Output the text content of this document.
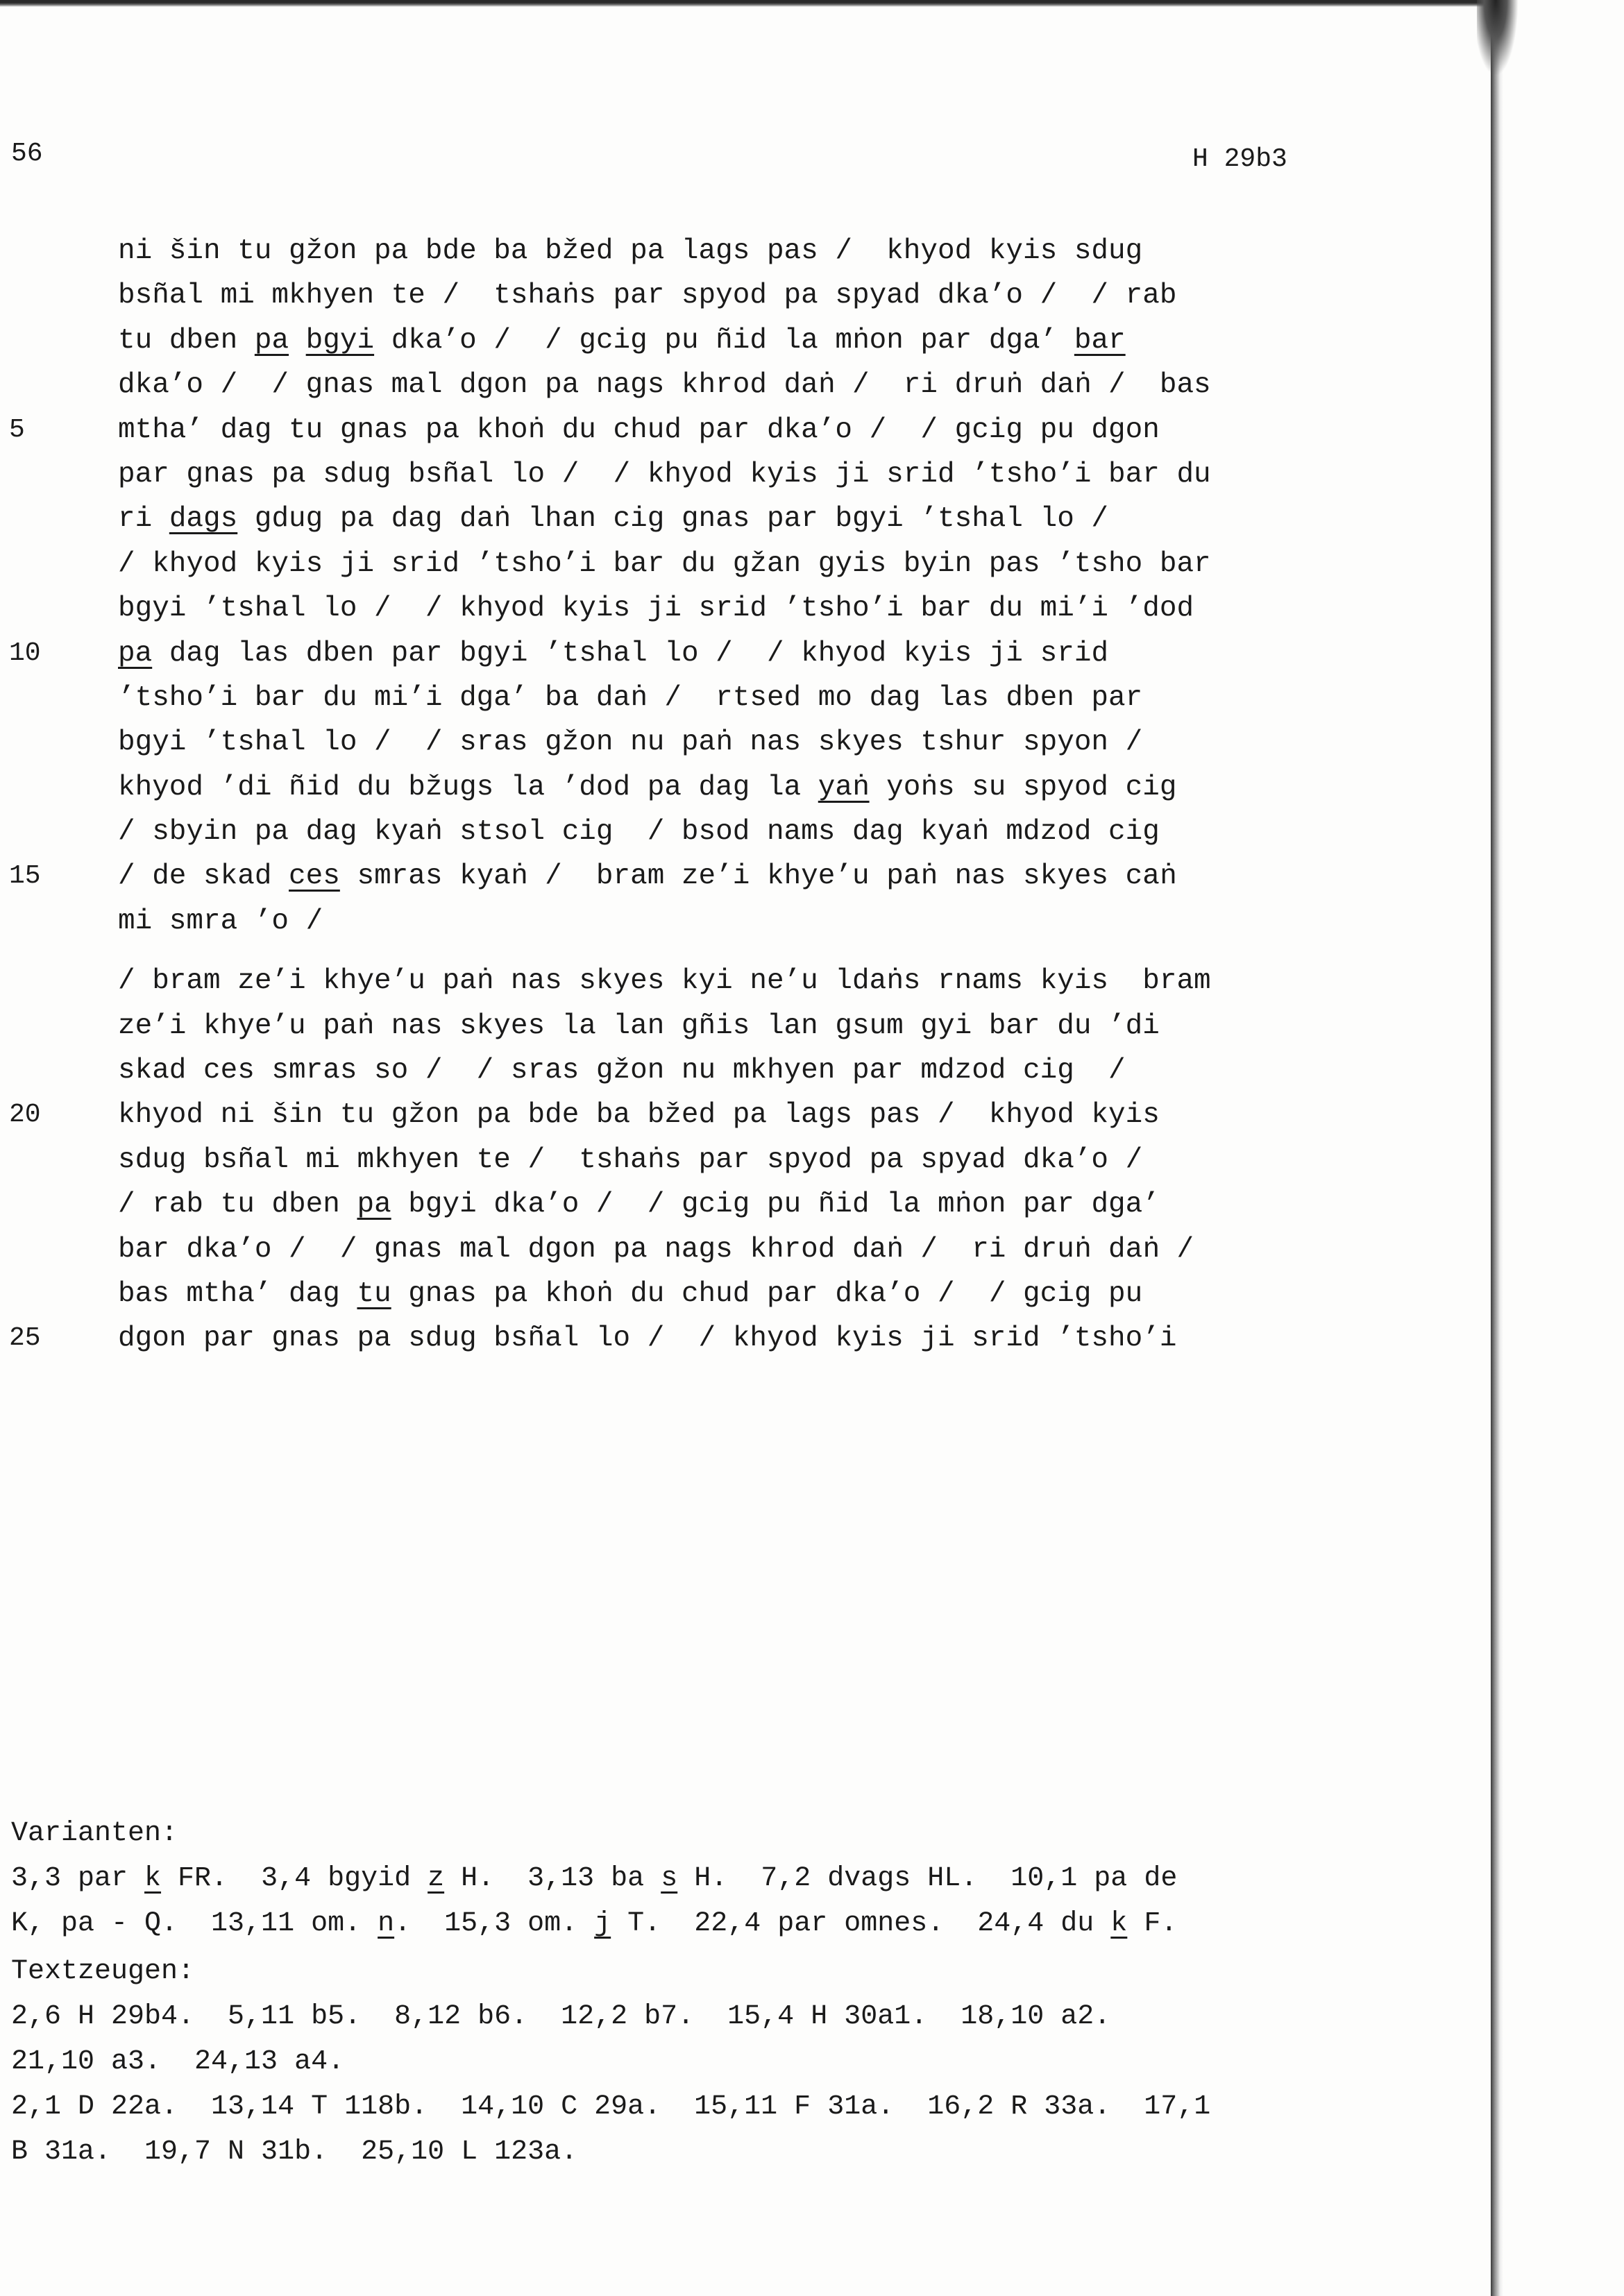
56	H 29b3
ni šin tu gžon pa bde ba bžed pa lags pas /  khyod kyis sdug
bsñal mi mkhyen te /  tshaṅs par spyod pa spyad dka’o /  / rab
tu dben pa bgyi dka’o /  / gcig pu ñid la mṅon par dga’ bar
dka’o /  / gnas mal dgon pa nags khrod daṅ /  ri druṅ daṅ /  bas
5	mtha’ dag tu gnas pa khoṅ du chud par dka’o /  / gcig pu dgon
par gnas pa sdug bsñal lo /  / khyod kyis ji srid ’tsho’i bar du
ri dags gdug pa dag daṅ lhan cig gnas par bgyi ’tshal lo /
/ khyod kyis ji srid ’tsho’i bar du gžan gyis byin pas ’tsho bar
bgyi ’tshal lo /  / khyod kyis ji srid ’tsho’i bar du mi’i ’dod
10	pa dag las dben par bgyi ’tshal lo /  / khyod kyis ji srid
’tsho’i bar du mi’i dga’ ba daṅ /  rtsed mo dag las dben par
bgyi ’tshal lo /  / sras gžon nu paṅ nas skyes tshur spyon /
khyod ’di ñid du bžugs la ’dod pa dag la yaṅ yoṅs su spyod cig
/ sbyin pa dag kyaṅ stsol cig  / bsod nams dag kyaṅ mdzod cig
15	/ de skad ces smras kyaṅ /  bram ze’i khye’u paṅ nas skyes caṅ
mi smra ’o /
/ bram ze’i khye’u paṅ nas skyes kyi ne’u ldaṅs rnams kyis  bram
ze’i khye’u paṅ nas skyes la lan gñis lan gsum gyi bar du ’di
skad ces smras so /  / sras gžon nu mkhyen par mdzod cig  /
20	khyod ni šin tu gžon pa bde ba bžed pa lags pas /  khyod kyis
sdug bsñal mi mkhyen te /  tshaṅs par spyod pa spyad dka’o /
/ rab tu dben pa bgyi dka’o /  / gcig pu ñid la mṅon par dga’
bar dka’o /  / gnas mal dgon pa nags khrod daṅ /  ri druṅ daṅ /
bas mtha’ dag tu gnas pa khoṅ du chud par dka’o /  / gcig pu
25	dgon par gnas pa sdug bsñal lo /  / khyod kyis ji srid ’tsho’i
Varianten:
3,3 par k FR.  3,4 bgyid z H.  3,13 ba s H.  7,2 dvags HL.  10,1 pa de
K, pa - Q.  13,11 om. n.  15,3 om. j T.  22,4 par omnes.  24,4 du k F.
Textzeugen:
2,6 H 29b4.  5,11 b5.  8,12 b6.  12,2 b7.  15,4 H 30a1.  18,10 a2.
21,10 a3.  24,13 a4.
2,1 D 22a.  13,14 T 118b.  14,10 C 29a.  15,11 F 31a.  16,2 R 33a.  17,1
B 31a.  19,7 N 31b.  25,10 L 123a.
